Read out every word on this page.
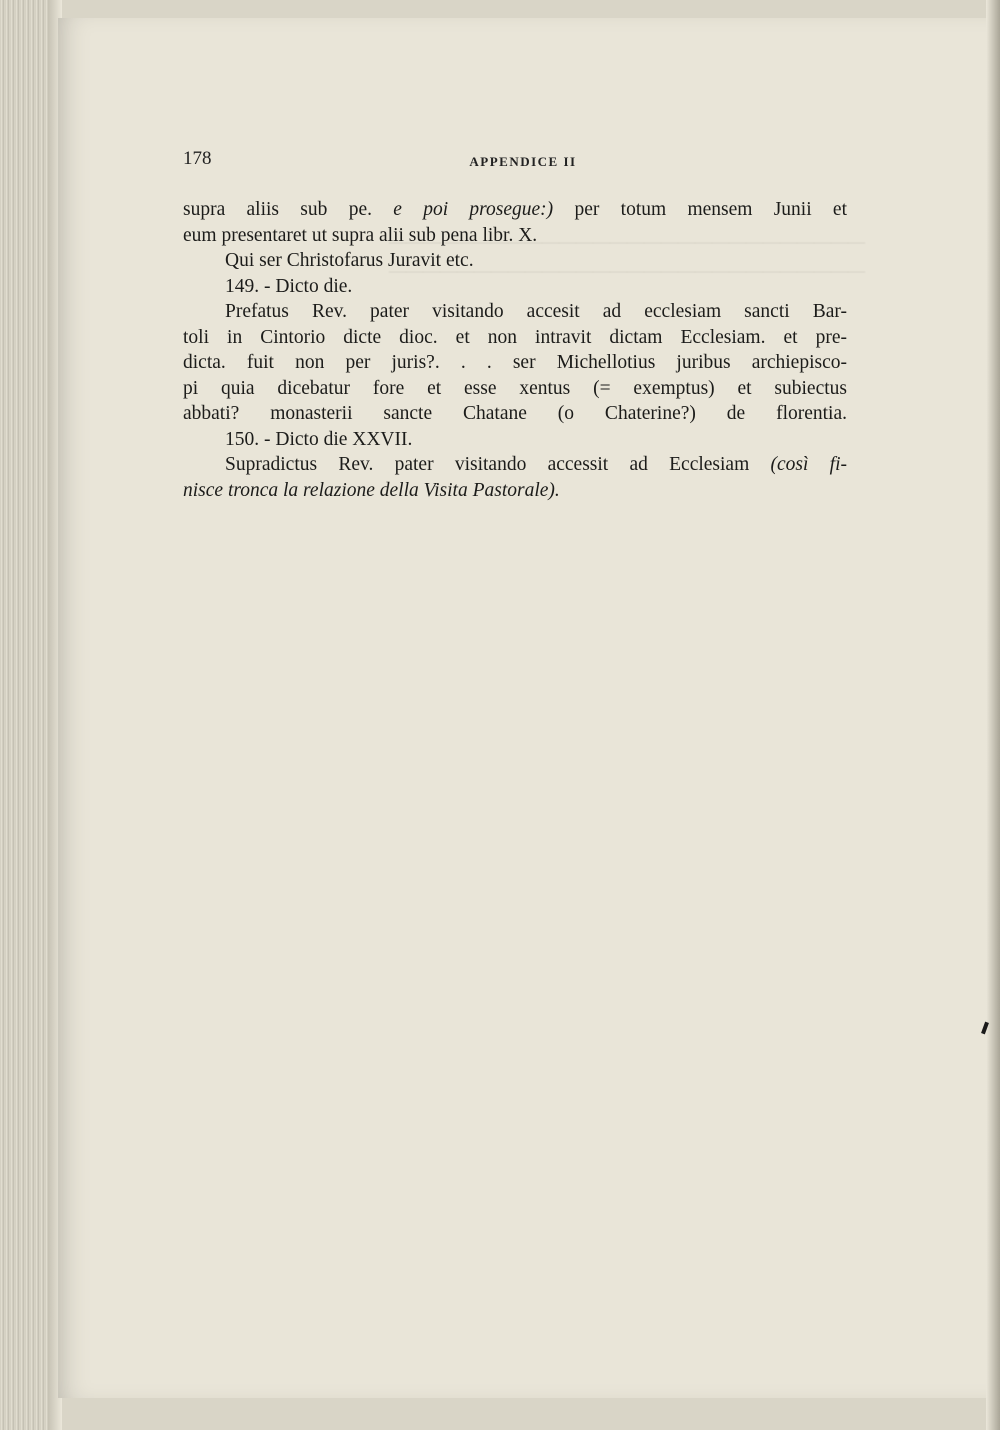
————————————————————————————

————————————————————————————

178	APPENDICE II

supra aliis sub pe. e poi prosegue:) per totum mensem Junii et
eum presentaret ut supra alii sub pena libr. X.

Qui ser Christofarus Juravit etc.

149. - Dicto die.

Prefatus Rev. pater visitando accesit ad ecclesiam sancti Bar-
toli in Cintorio dicte dioc. et non intravit dictam Ecclesiam. et pre-
dicta. fuit non per juris?. . . ser Michellotius juribus archiepisco-
pi quia dicebatur fore et esse xentus (= exemptus) et subiectus
abbati? monasterii sancte Chatane (o Chaterine?) de florentia.

150. - Dicto die XXVII.

Supradictus Rev. pater visitando accessit ad Ecclesiam (così fi-
nisce tronca la relazione della Visita Pastorale).
